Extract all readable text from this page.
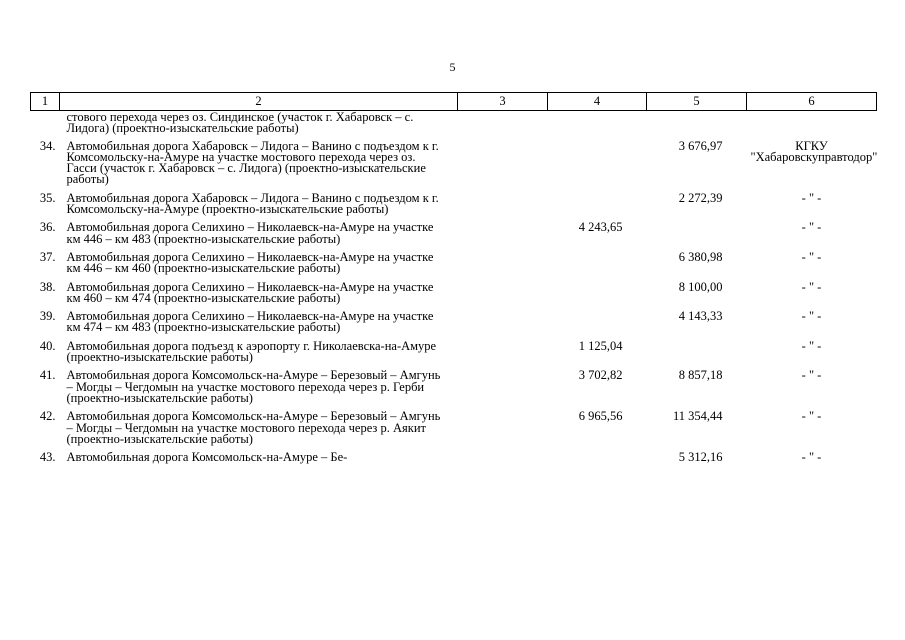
5
1	2	3	4	5	6
	стового перехода через оз. Синдинское (участок г. Хабаровск – с. Лидога) (проектно-изыскательские работы)				
34.	Автомобильная дорога Хабаровск – Лидога – Ванино с подъездом к г. Комсомольску-на-Амуре на участке мостового перехода через оз. Гасси (участок г. Хабаровск – с. Лидога) (проектно-изыскательские работы)			3 676,97	КГКУ "Хабаровскуправтодор"
35.	Автомобильная дорога Хабаровск – Лидога – Ванино с подъездом к г. Комсомольску-на-Амуре (проектно-изыскательские работы)			2 272,39	- " -
36.	Автомобильная дорога Селихино – Николаевск-на-Амуре на участке км 446 – км 483 (проектно-изыскательские работы)		4 243,65		- " -
37.	Автомобильная дорога Селихино – Николаевск-на-Амуре на участке км 446 – км 460 (проектно-изыскательские работы)			6 380,98	- " -
38.	Автомобильная дорога Селихино – Николаевск-на-Амуре на участке км 460 – км 474 (проектно-изыскательские работы)			8 100,00	- " -
39.	Автомобильная дорога Селихино – Николаевск-на-Амуре на участке км 474 – км 483 (проектно-изыскательские работы)			4 143,33	- " -
40.	Автомобильная дорога подъезд к аэропорту г. Николаевска-на-Амуре (проектно-изыскательские работы)		1 125,04		- " -
41.	Автомобильная дорога Комсомольск-на-Амуре – Березовый – Амгунь – Могды – Чегдомын на участке мостового перехода через р. Герби (проектно-изыскательские работы)		3 702,82	8 857,18	- " -
42.	Автомобильная дорога Комсомольск-на-Амуре – Березовый – Амгунь – Могды – Чегдомын на участке мостового перехода через р. Аякит (проектно-изыскательские работы)		6 965,56	11 354,44	- " -
43.	Автомобильная дорога Комсомольск-на-Амуре – Бе-			5 312,16	- " -
